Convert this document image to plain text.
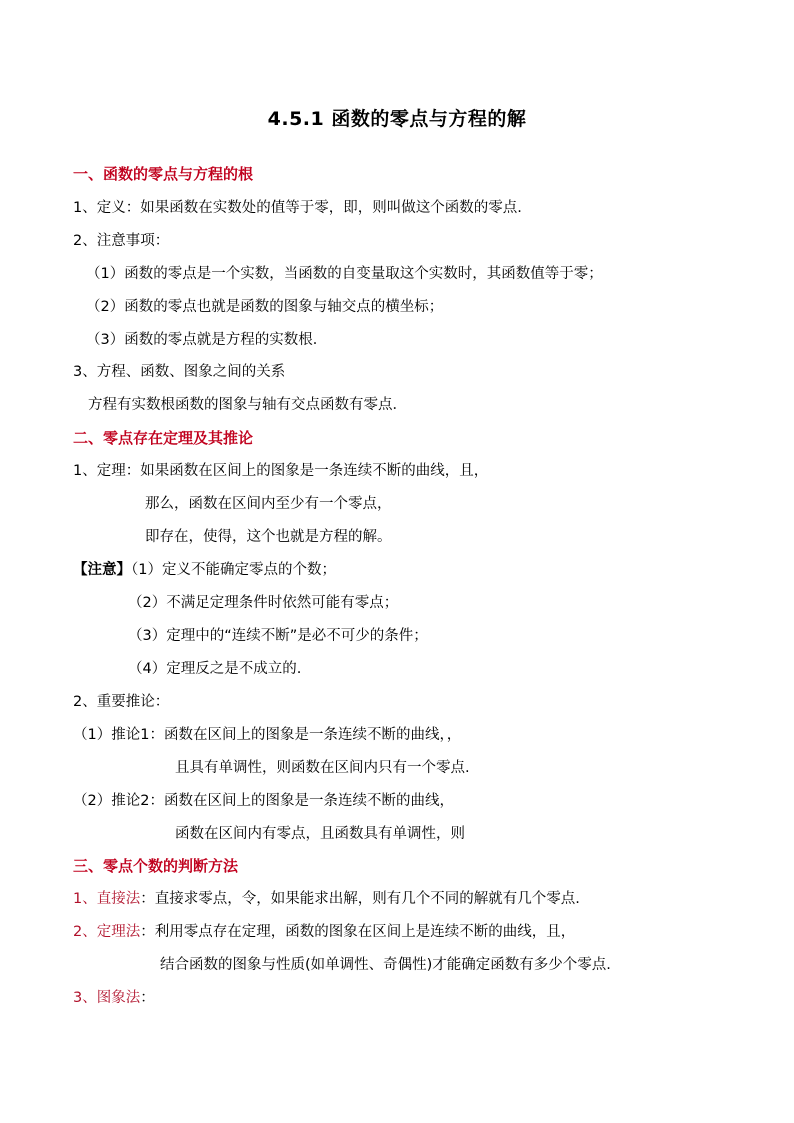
4.5.1 函数的零点与方程的解
一、函数的零点与方程的根
1、定义：如果函数在实数处的值等于零，即，则叫做这个函数的零点.
2、注意事项：
（1）函数的零点是一个实数，当函数的自变量取这个实数时，其函数值等于零；
（2）函数的零点也就是函数的图象与轴交点的横坐标；
（3）函数的零点就是方程的实数根．
3、方程、函数、图象之间的关系
方程有实数根函数的图象与轴有交点函数有零点．
二、零点存在定理及其推论
1、定理：如果函数在区间上的图象是一条连续不断的曲线，且，
那么，函数在区间内至少有一个零点，
即存在，使得，这个也就是方程的解。
【注意】（1）定义不能确定零点的个数；
（2）不满足定理条件时依然可能有零点；
（3）定理中的“连续不断”是必不可少的条件；
（4）定理反之是不成立的.
2、重要推论：
（1）推论1：函数在区间上的图象是一条连续不断的曲线，，
且具有单调性，则函数在区间内只有一个零点.
（2）推论2：函数在区间上的图象是一条连续不断的曲线，
函数在区间内有零点，且函数具有单调性，则
三、零点个数的判断方法
1、直接法：直接求零点，令，如果能求出解，则有几个不同的解就有几个零点.
2、定理法：利用零点存在定理，函数的图象在区间上是连续不断的曲线，且，
结合函数的图象与性质(如单调性、奇偶性)才能确定函数有多少个零点.
3、图象法：
